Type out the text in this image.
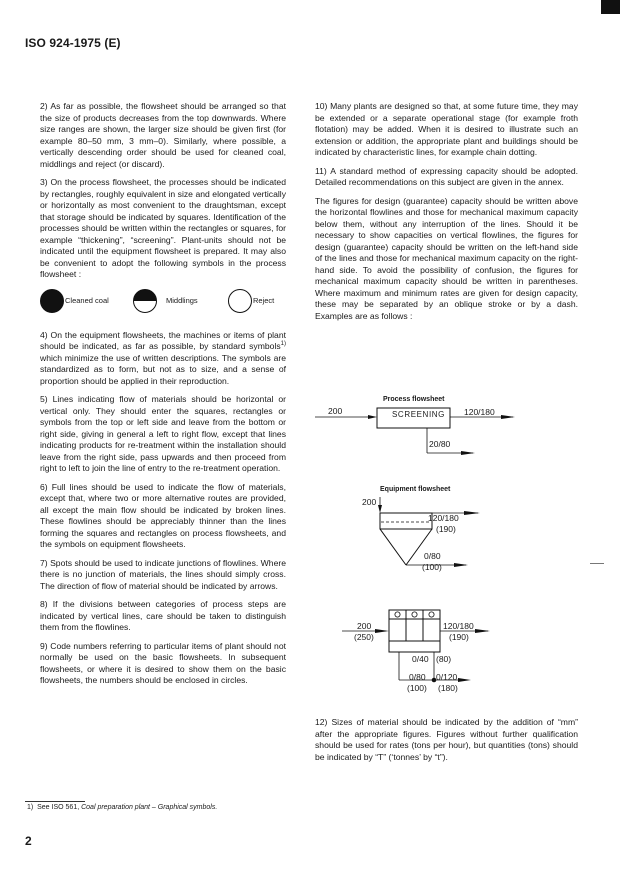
ISO 924-1975 (E)

2) As far as possible, the flowsheet should be arranged so that the size of products decreases from the top downwards. Where size ranges are shown, the larger size should be given first (for example 80–50 mm, 3 mm–0). Similarly, where possible, a vertically descending order should be used for cleaned coal, middlings and reject (or discard).

3) On the process flowsheet, the processes should be indicated by rectangles, roughly equivalent in size and elongated vertically or horizontally as most convenient to the draughtsman, except that storage should be indicated by squares. Identification of the processes should be written within the rectangles or squares, for example “thickening”, “screening”. Plant-units should not be indicated until the equipment flowsheet is prepared. It may also be convenient to adopt the following symbols in the process flowsheet :

Cleaned coal	Middlings	Reject

4) On the equipment flowsheets, the machines or items of plant should be indicated, as far as possible, by standard symbols$^{1)}$ which minimize the use of written descriptions. The symbols are standardized as to form, but not as to size, and a sense of proportion should be applied in their reproduction.

5) Lines indicating flow of materials should be horizontal or vertical only. They should enter the squares, rectangles or symbols from the top or left side and leave from the bottom or right side, giving in general a left to right flow, except that lines indicating products for re-treatment within the installation should leave from the right side, pass upwards and then proceed from right to left to join the line of entry to the re-treatment operation.

6) Full lines should be used to indicate the flow of materials, except that, where two or more alternative routes are provided, all except the main flow should be indicated by broken lines. These flowlines should be appreciably thinner than the lines forming the squares and rectangles on process flowsheets, and the symbols on equipment flowsheets.

7) Spots should be used to indicate junctions of flowlines. Where there is no junction of materials, the lines should simply cross. The direction of flow of material should be indicated by arrows.

8) If the divisions between categories of process steps are indicated by vertical lines, care should be taken to distinguish them from the flowlines.

9) Code numbers referring to particular items of plant should not normally be used on the basic flowsheets. In subsequent flowsheets, or where it is desired to show them on the basic flowsheets, the numbers should be enclosed in circles.

10) Many plants are designed so that, at some future time, they may be extended or a separate operational stage (for example froth flotation) may be added. When it is desired to illustrate such an extension or addition, the appropriate plant and buildings should be indicated by characteristic lines, for example chain dotting.

11) A standard method of expressing capacity should be adopted. Detailed recommendations on this subject are given in the annex.

The figures for design (guarantee) capacity should be written above the horizontal flowlines and those for mechanical maximum capacity below them, without any interruption of the lines. Should it be necessary to show capacities on vertical flowlines, the figures for design (guarantee) capacity should be written on the left-hand side of the lines and those for mechanical maximum capacity on the right-hand side. To avoid the possibility of confusion, the figures for mechanical maximum capacity should be written in parentheses. Where maximum and minimum rates are given for design capacity, these may be separated by an oblique stroke or by a dash. Examples are as follows :

Process flowsheet
200	SCREENING 120/180
20/80
Equipment flowsheet
200
120/180
(190)
0/80
(100)
200
(250)
120/180
(190)
0/40 (80)
0/80
(100)
0/120
(180)

12) Sizes of material should be indicated by the addition of “mm” after the appropriate figures. Figures without further qualification should be used for rates (tons per hour), but quantities (tons) should be indicated by “T” (‘tonnes’ by “t”).

1) See ISO 561, Coal preparation plant – Graphical symbols.
2
